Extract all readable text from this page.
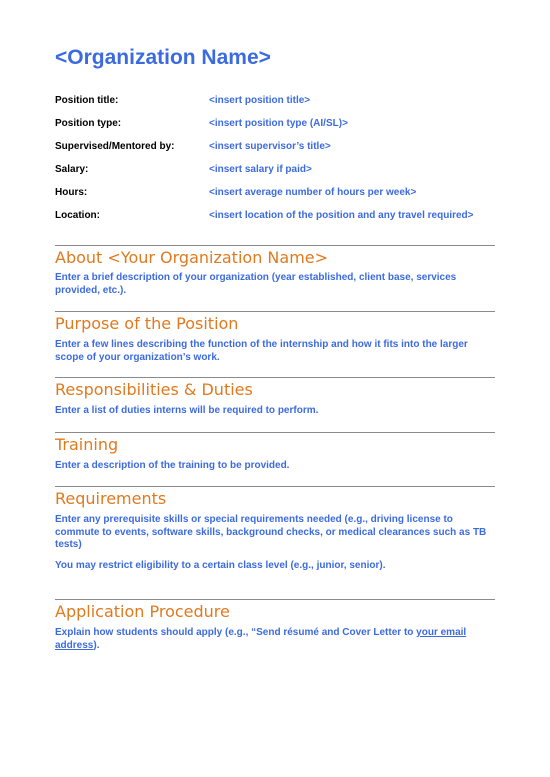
<Organization Name>
Position title:	<insert position title>
Position type:	<insert position type (AI/SL)>
Supervised/Mentored by:	<insert supervisor’s title>
Salary:	<insert salary if paid>
Hours:	<insert average number of hours per week>
Location:	<insert location of the position and any travel required>
About <Your Organization Name>
Enter a brief description of your organization (year established, client base, services provided, etc.).
Purpose of the Position
Enter a few lines describing the function of the internship and how it fits into the larger scope of your organization’s work.
Responsibilities & Duties
Enter a list of duties interns will be required to perform.
Training
Enter a description of the training to be provided.
Requirements
Enter any prerequisite skills or special requirements needed (e.g., driving license to commute to events, software skills, background checks, or medical clearances such as TB tests)
You may restrict eligibility to a certain class level (e.g., junior, senior).
Application Procedure
Explain how students should apply (e.g., “Send résumé and Cover Letter to your email address).
